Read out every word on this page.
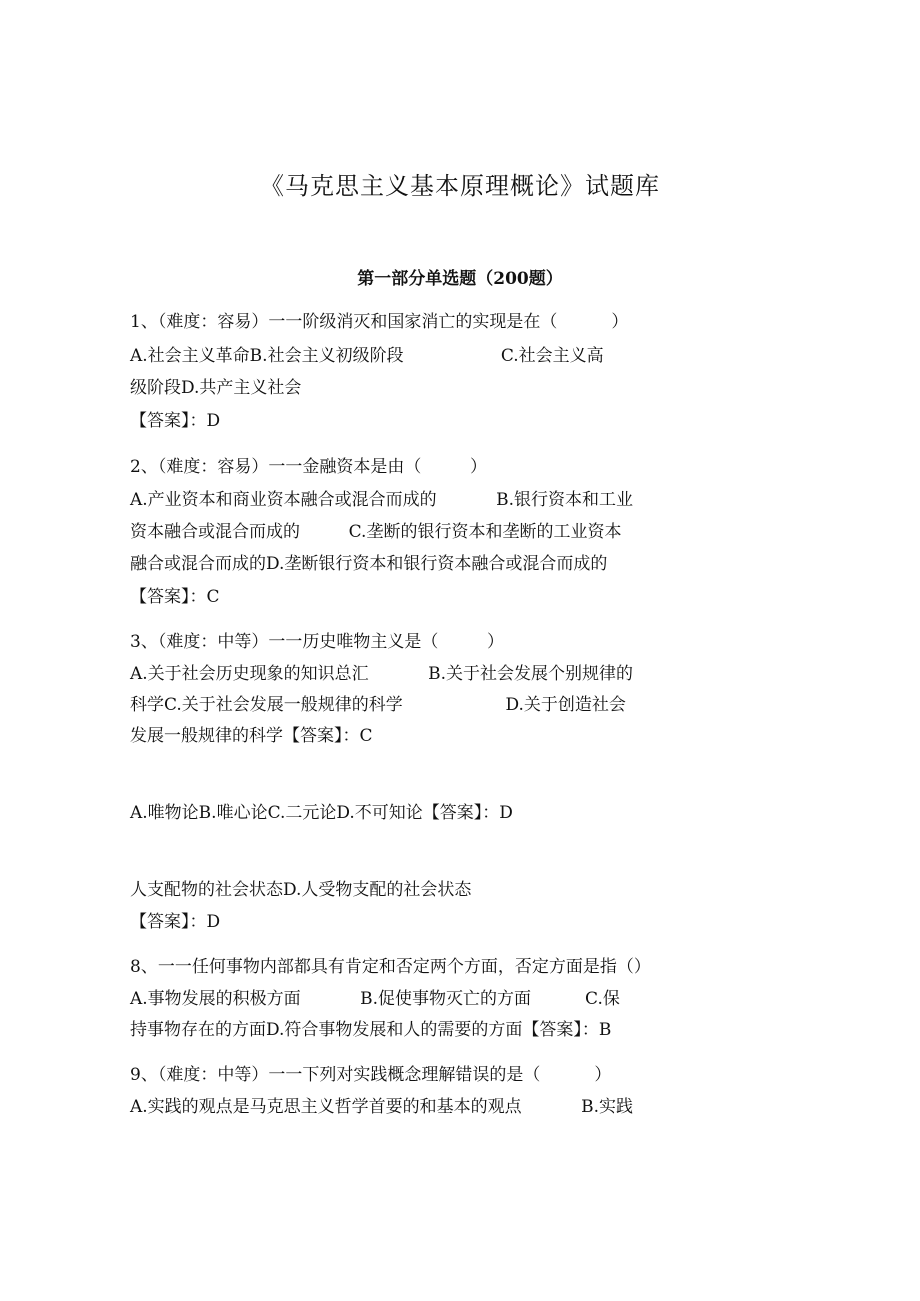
《马克思主义基本原理概论》试题库
第一部分单选题（200题）
1、（难度：容易）一一阶级消灭和国家消亡的实现是在（          ）
A.社会主义革命B.社会主义初级阶段                  C.社会主义高
级阶段D.共产主义社会
【答案】：D
2、（难度：容易）一一金融资本是由（         ）
A.产业资本和商业资本融合或混合而成的           B.银行资本和工业
资本融合或混合而成的         C.垄断的银行资本和垄断的工业资本
融合或混合而成的D.垄断银行资本和银行资本融合或混合而成的
【答案】：C
3、（难度：中等）一一历史唯物主义是（         ）
A.关于社会历史现象的知识总汇           B.关于社会发展个别规律的
科学C.关于社会发展一般规律的科学                   D.关于创造社会
发展一般规律的科学【答案】：C
A.唯物论B.唯心论C.二元论D.不可知论【答案】：D
人支配物的社会状态D.人受物支配的社会状态
【答案】：D
8、一一任何事物内部都具有肯定和否定两个方面，否定方面是指（）
A.事物发展的积极方面           B.促使事物灭亡的方面          C.保
持事物存在的方面D.符合事物发展和人的需要的方面【答案】：B
9、（难度：中等）一一下列对实践概念理解错误的是（          ）
A.实践的观点是马克思主义哲学首要的和基本的观点           B.实践
